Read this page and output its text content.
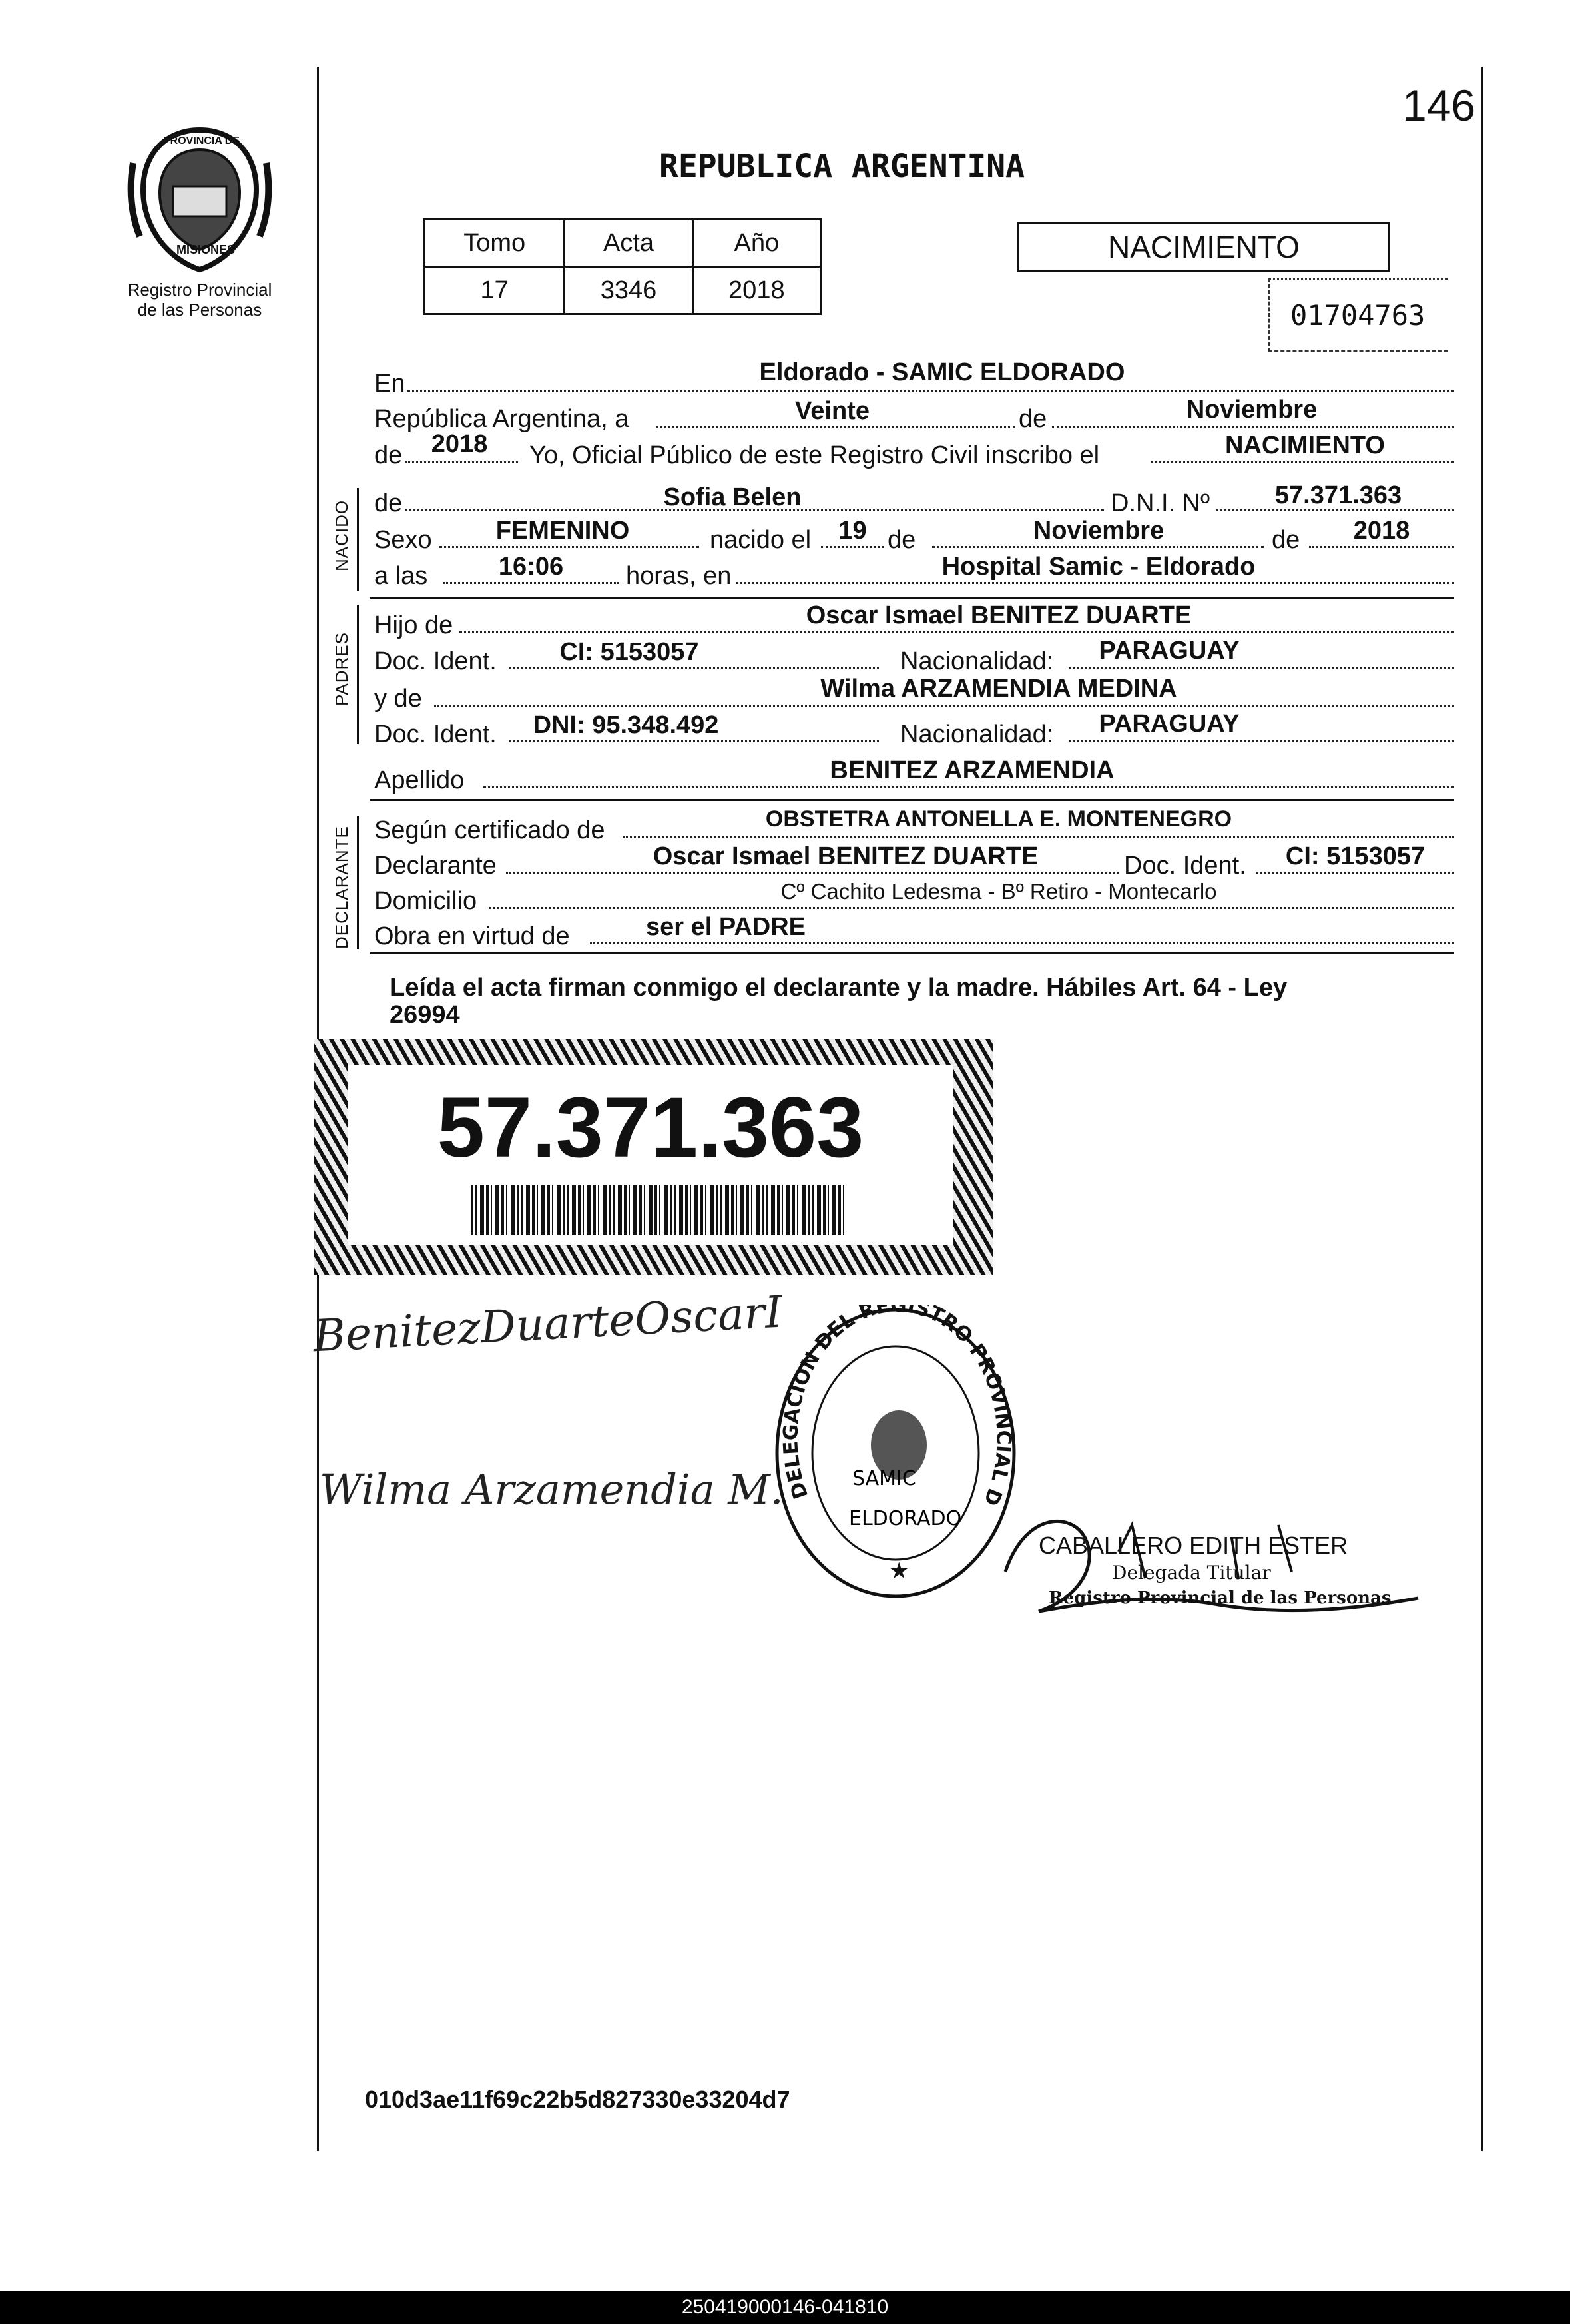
146
PROVINCIA DE
MISIONES
Registro Provincial
de las Personas
REPUBLICA ARGENTINA
Tomo	Acta	Año
17	3346	2018
NACIMIENTO
01704763
NACIDO
PADRES
DECLARANTE
En	Eldorado - SAMIC ELDORADO
República Argentina, a	Veinte	de	Noviembre
de	2018	Yo, Oficial Público de este Registro Civil inscribo el	NACIMIENTO
de	Sofia Belen	D.N.I. Nº	57.371.363
Sexo	FEMENINO	nacido el	19 de	Noviembre	de	2018
a las	16:06	horas, en	Hospital Samic - Eldorado
Hijo de	Oscar Ismael BENITEZ DUARTE
Doc. Ident.	CI: 5153057	Nacionalidad:	PARAGUAY
y de	Wilma ARZAMENDIA MEDINA
Doc. Ident.	DNI: 95.348.492	Nacionalidad:	PARAGUAY
Apellido	BENITEZ ARZAMENDIA
Según certificado de	OBSTETRA ANTONELLA E. MONTENEGRO
Declarante	Oscar Ismael BENITEZ DUARTE	Doc. Ident.	CI: 5153057
Domicilio	Cº Cachito Ledesma - Bº Retiro - Montecarlo
Obra en virtud de	ser el PADRE
Leída el acta firman conmigo el declarante y la madre. Hábiles Art. 64 - Ley
26994
57.371.363
BenitezDuarteOscarI
Wilma Arzamendia M. DELEGACION DEL REGISTRO PROVINCIAL D
SAMIC
ELDORADO
★
CABALLERO EDITH ESTER
Delegada Titular
Registro Provincial de las Personas
010d3ae11f69c22b5d827330e33204d7
250419000146-041810
